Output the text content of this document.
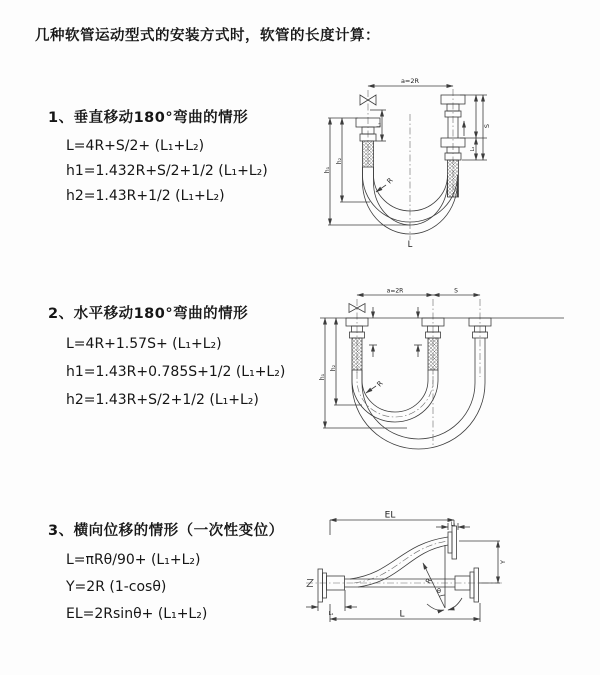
几种软管运动型式的安装方式时，软管的长度计算：
1、垂直移动180°弯曲的情形
L=4R+S/2+ (L₁+L₂)
h1=1.432R+S/2+1/2 (L₁+L₂)
h2=1.43R+1/2 (L₁+L₂)
2、水平移动180°弯曲的情形
L=4R+1.57S+ (L₁+L₂)
h1=1.43R+0.785S+1/2 (L₁+L₂)
h2=1.43R+S/2+1/2 (L₁+L₂)
3、横向位移的情形（一次性变位）
L=πRθ/90+ (L₁+L₂)
Y=2R (1-cosθ)
EL=2Rsinθ+ (L₁+L₂)
a=2R
S
L₂
L₁
h₁
h₂
R
L
a=2R	S
h₁
h₂
R
EL
L₁
R
θ
Y
L
L₁
